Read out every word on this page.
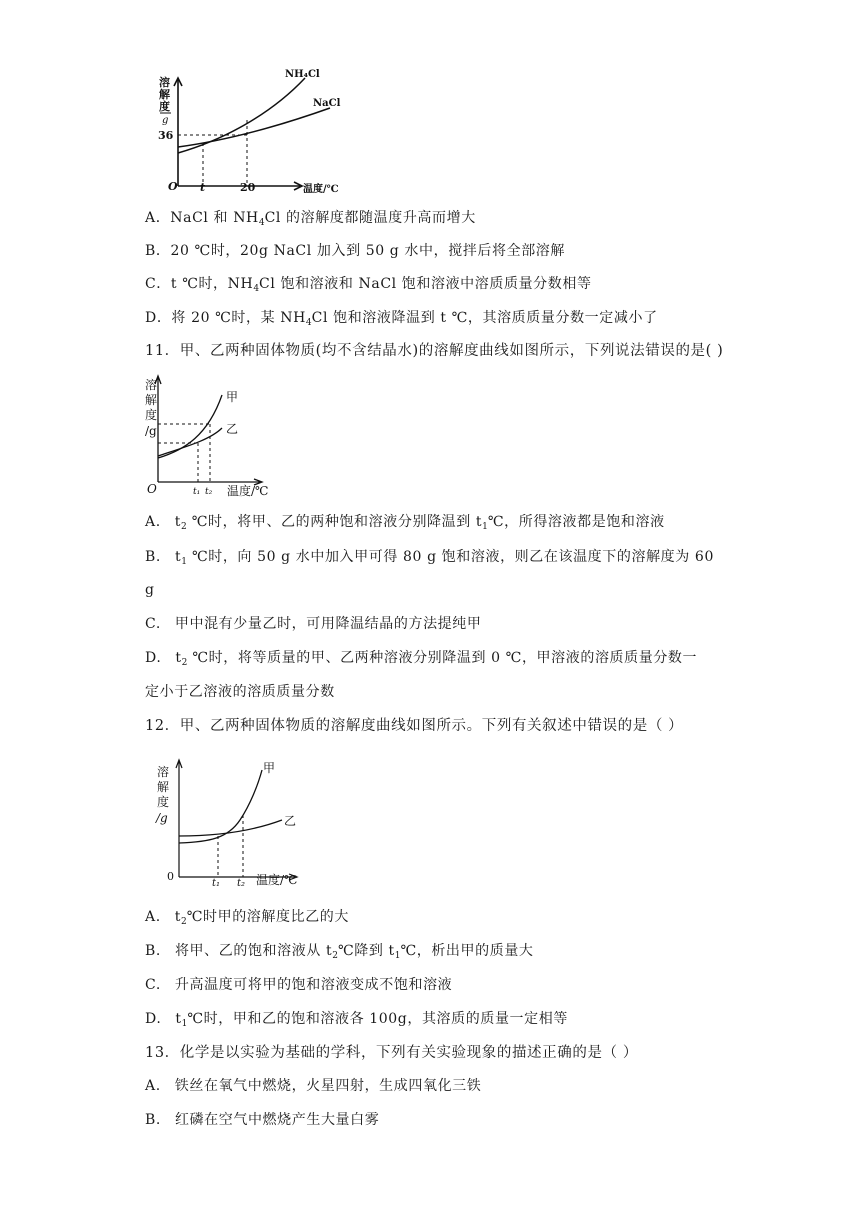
溶
解
度
g
36
O t	20	温度/℃
NH₄Cl
NaCl
A．NaCl 和 $NH_4Cl$ 的溶解度都随温度升高而增大
B．20 ℃时，20g NaCl 加入到 50 g 水中，搅拌后将全部溶解
C．t ℃时，$NH_4Cl$ 饱和溶液和 NaCl 饱和溶液中溶质质量分数相等
D．将 20 ℃时，某 $NH_4Cl$ 饱和溶液降温到 t ℃，其溶质质量分数一定减小了
11．甲、乙两种固体物质(均不含结晶水)的溶解度曲线如图所示，下列说法错误的是( )
溶
解
度
/g
O	t₁ t₂ 温度/℃
甲
乙
A. $t_2$ ℃时，将甲、乙的两种饱和溶液分别降温到 $t_1℃$，所得溶液都是饱和溶液
B. $t_1$ ℃时，向 50 g 水中加入甲可得 80 g 饱和溶液，则乙在该温度下的溶解度为 60
g
C. 甲中混有少量乙时，可用降温结晶的方法提纯甲
D. $t_2$ ℃时，将等质量的甲、乙两种溶液分别降温到 0 ℃，甲溶液的溶质质量分数一
定小于乙溶液的溶质质量分数
12．甲、乙两种固体物质的溶解度曲线如图所示。下列有关叙述中错误的是（ ）
溶
解
度
/g
0
t₁ t₂ 温度/℃
甲
乙
A. $t_2℃$时甲的溶解度比乙的大
B. 将甲、乙的饱和溶液从 $t_2℃$降到 $t_1℃$，析出甲的质量大
C. 升高温度可将甲的饱和溶液变成不饱和溶液
D. $t_1℃$时，甲和乙的饱和溶液各 100g，其溶质的质量一定相等
13．化学是以实验为基础的学科，下列有关实验现象的描述正确的是（ ）
A. 铁丝在氧气中燃烧，火星四射，生成四氧化三铁
B. 红磷在空气中燃烧产生大量白雾
